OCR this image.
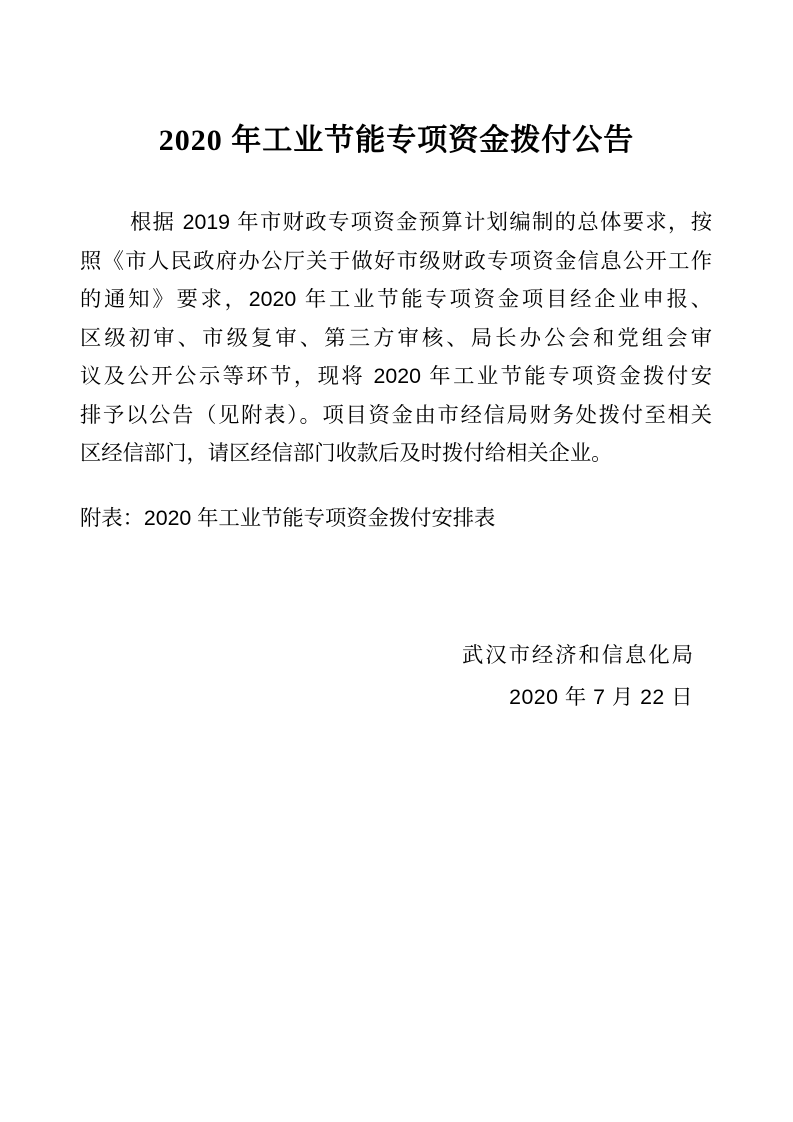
2020 年工业节能专项资金拨付公告
根据 2019 年市财政专项资金预算计划编制的总体要求，按
照《市人民政府办公厅关于做好市级财政专项资金信息公开工作
的通知》要求，2020 年工业节能专项资金项目经企业申报、
区级初审、市级复审、第三方审核、局长办公会和党组会审
议及公开公示等环节，现将 2020 年工业节能专项资金拨付安
排予以公告（见附表）。项目资金由市经信局财务处拨付至相关
区经信部门，请区经信部门收款后及时拨付给相关企业。
附表：2020 年工业节能专项资金拨付安排表
武汉市经济和信息化局
2020 年 7 月 22 日
